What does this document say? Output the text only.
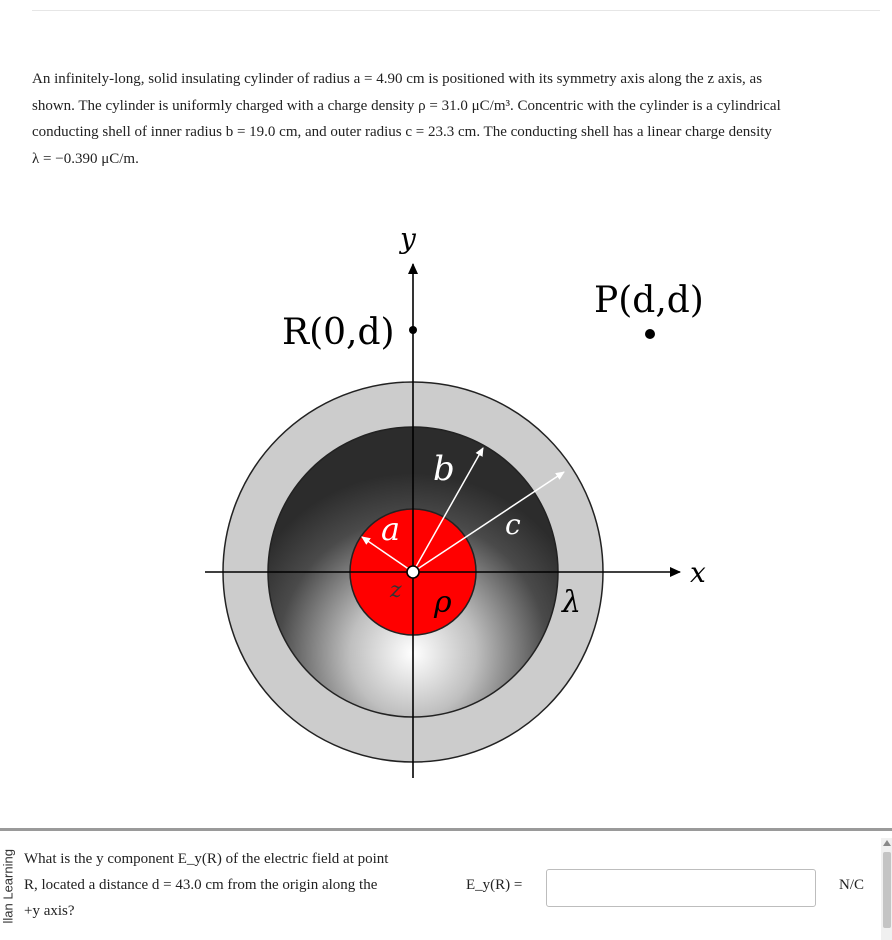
An infinitely-long, solid insulating cylinder of radius a = 4.90 cm is positioned with its symmetry axis along the z axis, as
shown. The cylinder is uniformly charged with a charge density ρ = 31.0 μC/m³. Concentric with the cylinder is a cylindrical
conducting shell of inner radius b = 19.0 cm, and outer radius c = 23.3 cm. The conducting shell has a linear charge density
λ = −0.390 μC/m.
y
x
R(0,d)
P(d,d)
a
b
c
z ρ	λ
llan Learning What is the y component E_y(R) of the electric field at point
R, located a distance d = 43.0 cm from the origin along the
+y axis?
E_y(R) =	N/C
